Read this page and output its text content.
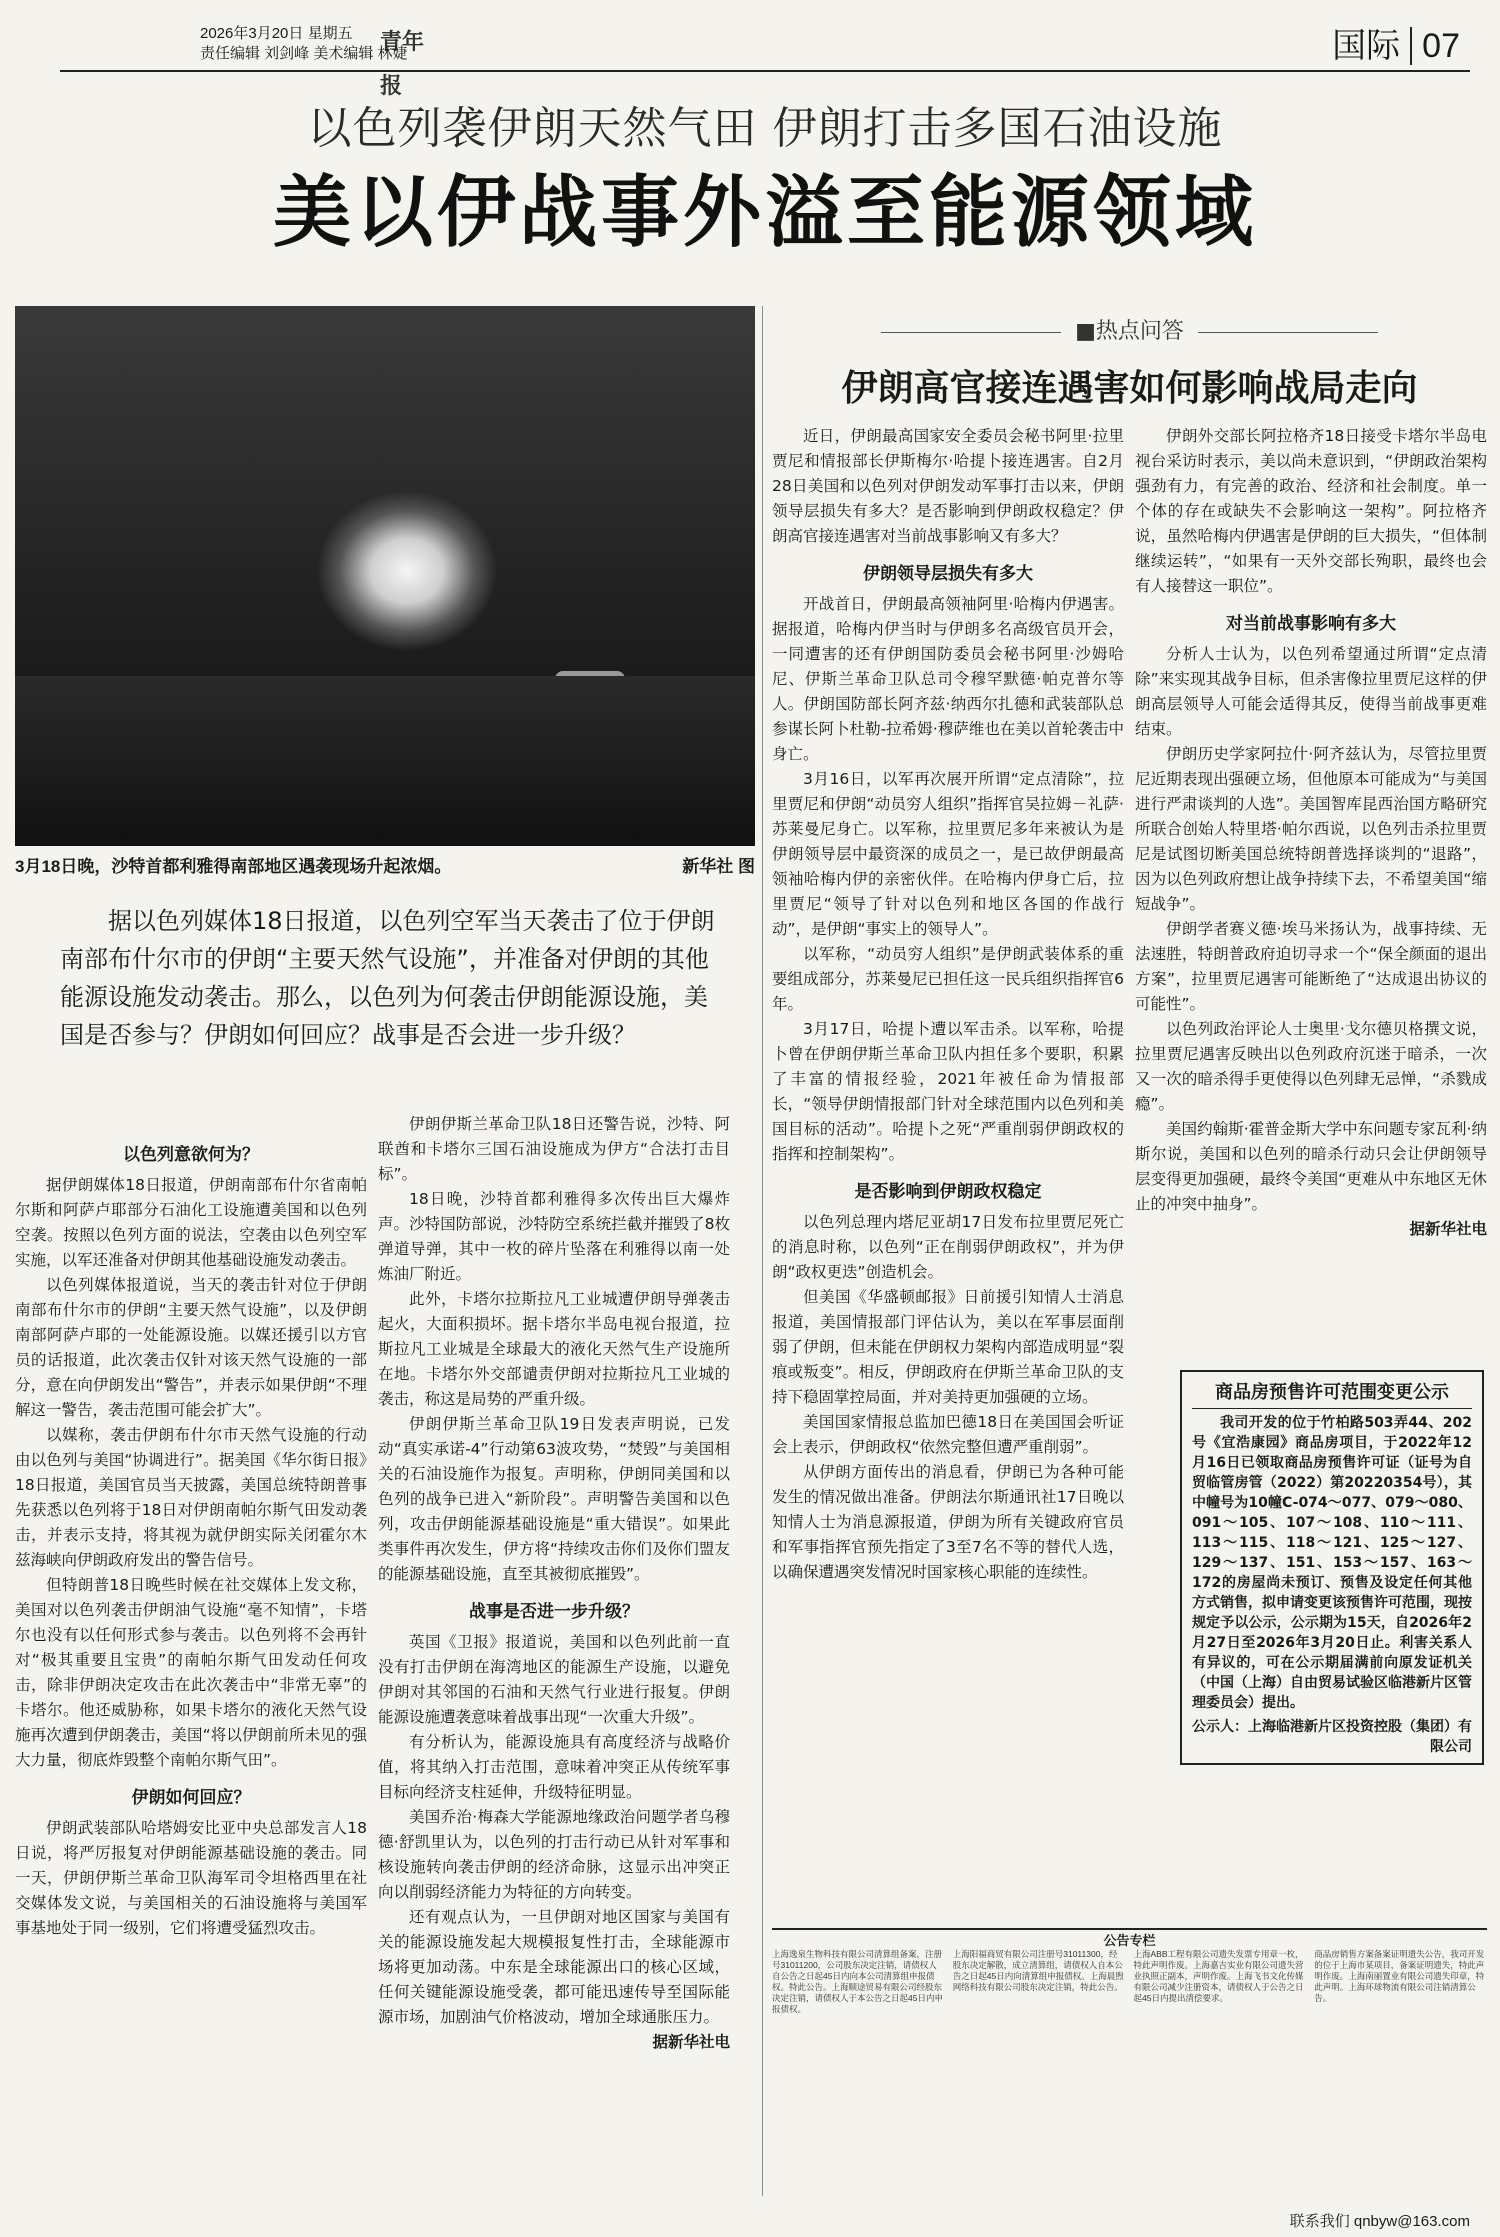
青年报
2026年3月20日 星期五
责任编辑 刘剑峰 美术编辑 林婕	国际 07
以色列袭伊朗天然气田 伊朗打击多国石油设施
美以伊战事外溢至能源领域
3月18日晚，沙特首都利雅得南部地区遇袭现场升起浓烟。	新华社 图
据以色列媒体18日报道，以色列空军当天袭击了位于伊朗南部布什尔市的伊朗“主要天然气设施”，并准备对伊朗的其他能源设施发动袭击。那么，以色列为何袭击伊朗能源设施，美国是否参与？伊朗如何回应？战事是否会进一步升级？
以色列意欲何为？

据伊朗媒体18日报道，伊朗南部布什尔省南帕尔斯和阿萨卢耶部分石油化工设施遭美国和以色列空袭。按照以色列方面的说法，空袭由以色列空军实施，以军还准备对伊朗其他基础设施发动袭击。

以色列媒体报道说，当天的袭击针对位于伊朗南部布什尔市的伊朗“主要天然气设施”，以及伊朗南部阿萨卢耶的一处能源设施。以媒还援引以方官员的话报道，此次袭击仅针对该天然气设施的一部分，意在向伊朗发出“警告”，并表示如果伊朗“不理解这一警告，袭击范围可能会扩大”。

以媒称，袭击伊朗布什尔市天然气设施的行动由以色列与美国“协调进行”。据美国《华尔街日报》18日报道，美国官员当天披露，美国总统特朗普事先获悉以色列将于18日对伊朗南帕尔斯气田发动袭击，并表示支持，将其视为就伊朗实际关闭霍尔木兹海峡向伊朗政府发出的警告信号。

但特朗普18日晚些时候在社交媒体上发文称，美国对以色列袭击伊朗油气设施“毫不知情”，卡塔尔也没有以任何形式参与袭击。以色列将不会再针对“极其重要且宝贵”的南帕尔斯气田发动任何攻击，除非伊朗决定攻击在此次袭击中“非常无辜”的卡塔尔。他还威胁称，如果卡塔尔的液化天然气设施再次遭到伊朗袭击，美国“将以伊朗前所未见的强大力量，彻底炸毁整个南帕尔斯气田”。

伊朗如何回应？

伊朗武装部队哈塔姆安比亚中央总部发言人18日说，将严厉报复对伊朗能源基础设施的袭击。同一天，伊朗伊斯兰革命卫队海军司令坦格西里在社交媒体发文说，与美国相关的石油设施将与美国军事基地处于同一级别，它们将遭受猛烈攻击。

伊朗伊斯兰革命卫队18日还警告说，沙特、阿联酋和卡塔尔三国石油设施成为伊方“合法打击目标”。

18日晚，沙特首都利雅得多次传出巨大爆炸声。沙特国防部说，沙特防空系统拦截并摧毁了8枚弹道导弹，其中一枚的碎片坠落在利雅得以南一处炼油厂附近。

此外，卡塔尔拉斯拉凡工业城遭伊朗导弹袭击起火，大面积损坏。据卡塔尔半岛电视台报道，拉斯拉凡工业城是全球最大的液化天然气生产设施所在地。卡塔尔外交部谴责伊朗对拉斯拉凡工业城的袭击，称这是局势的严重升级。

伊朗伊斯兰革命卫队19日发表声明说，已发动“真实承诺-4”行动第63波攻势，“焚毁”与美国相关的石油设施作为报复。声明称，伊朗同美国和以色列的战争已进入“新阶段”。声明警告美国和以色列，攻击伊朗能源基础设施是“重大错误”。如果此类事件再次发生，伊方将“持续攻击你们及你们盟友的能源基础设施，直至其被彻底摧毁”。

战事是否进一步升级？

英国《卫报》报道说，美国和以色列此前一直没有打击伊朗在海湾地区的能源生产设施，以避免伊朗对其邻国的石油和天然气行业进行报复。伊朗能源设施遭袭意味着战事出现“一次重大升级”。

有分析认为，能源设施具有高度经济与战略价值，将其纳入打击范围，意味着冲突正从传统军事目标向经济支柱延伸，升级特征明显。

美国乔治·梅森大学能源地缘政治问题学者乌穆德·舒凯里认为，以色列的打击行动已从针对军事和核设施转向袭击伊朗的经济命脉，这显示出冲突正向以削弱经济能力为特征的方向转变。

还有观点认为，一旦伊朗对地区国家与美国有关的能源设施发起大规模报复性打击，全球能源市场将更加动荡。中东是全球能源出口的核心区域，任何关键能源设施受袭，都可能迅速传导至国际能源市场，加剧油气价格波动，增加全球通胀压力。

据新华社电
■热点问答
伊朗高官接连遇害如何影响战局走向

近日，伊朗最高国家安全委员会秘书阿里·拉里贾尼和情报部长伊斯梅尔·哈提卜接连遇害。自2月28日美国和以色列对伊朗发动军事打击以来，伊朗领导层损失有多大？是否影响到伊朗政权稳定？伊朗高官接连遇害对当前战事影响又有多大？

伊朗领导层损失有多大

开战首日，伊朗最高领袖阿里·哈梅内伊遇害。据报道，哈梅内伊当时与伊朗多名高级官员开会，一同遭害的还有伊朗国防委员会秘书阿里·沙姆哈尼、伊斯兰革命卫队总司令穆罕默德·帕克普尔等人。伊朗国防部长阿齐兹·纳西尔扎德和武装部队总参谋长阿卜杜勒-拉希姆·穆萨维也在美以首轮袭击中身亡。

3月16日，以军再次展开所谓“定点清除”，拉里贾尼和伊朗“动员穷人组织”指挥官吴拉姆－礼萨·苏莱曼尼身亡。以军称，拉里贾尼多年来被认为是伊朗领导层中最资深的成员之一，是已故伊朗最高领袖哈梅内伊的亲密伙伴。在哈梅内伊身亡后，拉里贾尼“领导了针对以色列和地区各国的作战行动”，是伊朗“事实上的领导人”。

以军称，“动员穷人组织”是伊朗武装体系的重要组成部分，苏莱曼尼已担任这一民兵组织指挥官6年。

3月17日，哈提卜遭以军击杀。以军称，哈提卜曾在伊朗伊斯兰革命卫队内担任多个要职，积累了丰富的情报经验，2021年被任命为情报部长，“领导伊朗情报部门针对全球范围内以色列和美国目标的活动”。哈提卜之死“严重削弱伊朗政权的指挥和控制架构”。

是否影响到伊朗政权稳定

以色列总理内塔尼亚胡17日发布拉里贾尼死亡的消息时称，以色列“正在削弱伊朗政权”，并为伊朗“政权更迭”创造机会。

但美国《华盛顿邮报》日前援引知情人士消息报道，美国情报部门评估认为，美以在军事层面削弱了伊朗，但未能在伊朗权力架构内部造成明显“裂痕或叛变”。相反，伊朗政府在伊斯兰革命卫队的支持下稳固掌控局面，并对美持更加强硬的立场。

美国国家情报总监加巴德18日在美国国会听证会上表示，伊朗政权“依然完整但遭严重削弱”。

从伊朗方面传出的消息看，伊朗已为各种可能发生的情况做出准备。伊朗法尔斯通讯社17日晚以知情人士为消息源报道，伊朗为所有关键政府官员和军事指挥官预先指定了3至7名不等的替代人选，以确保遭遇突发情况时国家核心职能的连续性。

伊朗外交部长阿拉格齐18日接受卡塔尔半岛电视台采访时表示，美以尚未意识到，“伊朗政治架构强劲有力，有完善的政治、经济和社会制度。单一个体的存在或缺失不会影响这一架构”。阿拉格齐说，虽然哈梅内伊遇害是伊朗的巨大损失，“但体制继续运转”，“如果有一天外交部长殉职，最终也会有人接替这一职位”。

对当前战事影响有多大

分析人士认为，以色列希望通过所谓“定点清除”来实现其战争目标，但杀害像拉里贾尼这样的伊朗高层领导人可能会适得其反，使得当前战事更难结束。

伊朗历史学家阿拉什·阿齐兹认为，尽管拉里贾尼近期表现出强硬立场，但他原本可能成为“与美国进行严肃谈判的人选”。美国智库昆西治国方略研究所联合创始人特里塔·帕尔西说，以色列击杀拉里贾尼是试图切断美国总统特朗普选择谈判的“退路”，因为以色列政府想让战争持续下去，不希望美国“缩短战争”。

伊朗学者赛义德·埃马米扬认为，战事持续、无法速胜，特朗普政府迫切寻求一个“保全颜面的退出方案”，拉里贾尼遇害可能断绝了“达成退出协议的可能性”。

以色列政治评论人士奥里·戈尔德贝格撰文说，拉里贾尼遇害反映出以色列政府沉迷于暗杀，一次又一次的暗杀得手更使得以色列肆无忌惮，“杀戮成瘾”。

美国约翰斯·霍普金斯大学中东问题专家瓦利·纳斯尔说，美国和以色列的暗杀行动只会让伊朗领导层变得更加强硬，最终令美国“更难从中东地区无休止的冲突中抽身”。

据新华社电
商品房预售许可范围变更公示

我司开发的位于竹柏路503弄44、202号《宜浩康园》商品房项目，于2022年12月16日已领取商品房预售许可证（证号为自贸临管房管（2022）第20220354号），其中幢号为10幢C-074～077、079～080、091～105、107～108、110～111、113～115、118～121、125～127、129～137、151、153～157、163～172的房屋尚未预订、预售及设定任何其他方式销售，拟申请变更该预售许可范围，现按规定予以公示，公示期为15天，自2026年2月27日至2026年3月20日止。利害关系人有异议的，可在公示期届满前向原发证机关（中国（上海）自由贸易试验区临港新片区管理委员会）提出。

公示人：上海临港新片区投资控股（集团）有限公司

公告专栏

上海逸泉生物科技有限公司清算组备案，注册号31011200，公司股东决定注销，请债权人自公告之日起45日内向本公司清算组申报债权。特此公告。上海顺途贸易有限公司经股东决定注销，请债权人于本公告之日起45日内申报债权。

上海阳福商贸有限公司注册号31011300，经股东决定解散，成立清算组，请债权人自本公告之日起45日内向清算组申报债权。上海晨煦网络科技有限公司股东决定注销，特此公告。

上海ABB工程有限公司遗失发票专用章一枚，特此声明作废。上海嘉吉实业有限公司遗失营业执照正副本，声明作废。上海飞书文化传媒有限公司减少注册资本，请债权人于公告之日起45日内提出清偿要求。

商品房销售方案备案证明遗失公告，我司开发的位于上海市某项目，备案证明遗失，特此声明作废。上海南丽置业有限公司遗失印章，特此声明。上海环球物流有限公司注销清算公告。

联系我们 qnbyw@163.com
